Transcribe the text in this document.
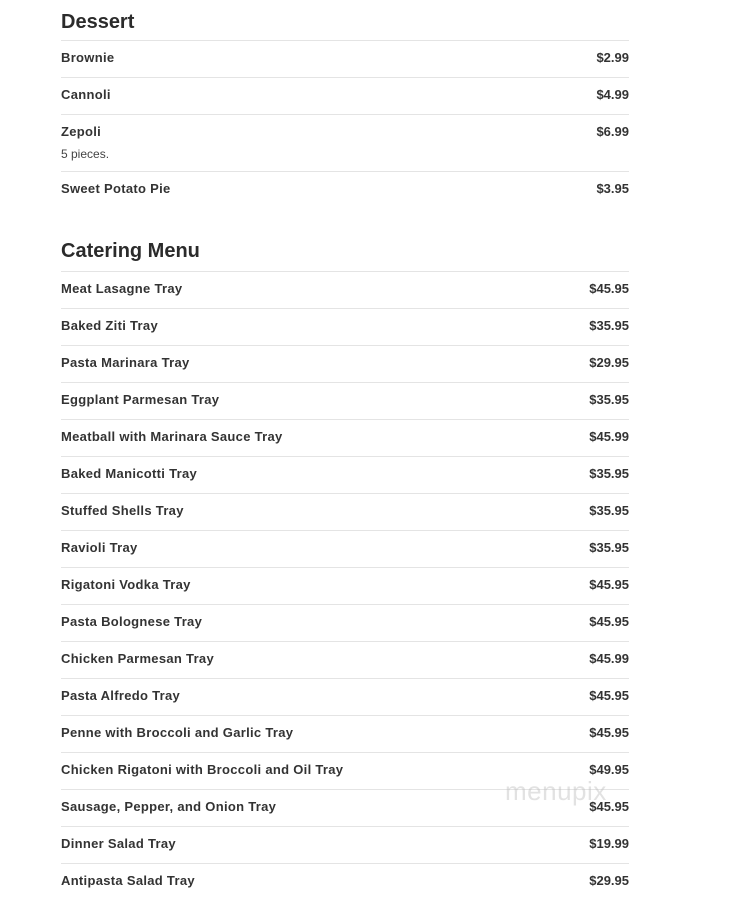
Dessert
Brownie	$2.99
Cannoli	$4.99
Zepoli	$6.99
5 pieces.
Sweet Potato Pie	$3.95
Catering Menu
Meat Lasagne Tray	$45.95
Baked Ziti Tray	$35.95
Pasta Marinara Tray	$29.95
Eggplant Parmesan Tray	$35.95
Meatball with Marinara Sauce Tray	$45.99
Baked Manicotti Tray	$35.95
Stuffed Shells Tray	$35.95
Ravioli Tray	$35.95
Rigatoni Vodka Tray	$45.95
Pasta Bolognese Tray	$45.95
Chicken Parmesan Tray	$45.99
Pasta Alfredo Tray	$45.95
Penne with Broccoli and Garlic Tray	$45.95
Chicken Rigatoni with Broccoli and Oil Tray	$49.95
Sausage, Pepper, and Onion Tray	$45.95
Dinner Salad Tray	$19.99
Antipasta Salad Tray	$29.95
menupix
